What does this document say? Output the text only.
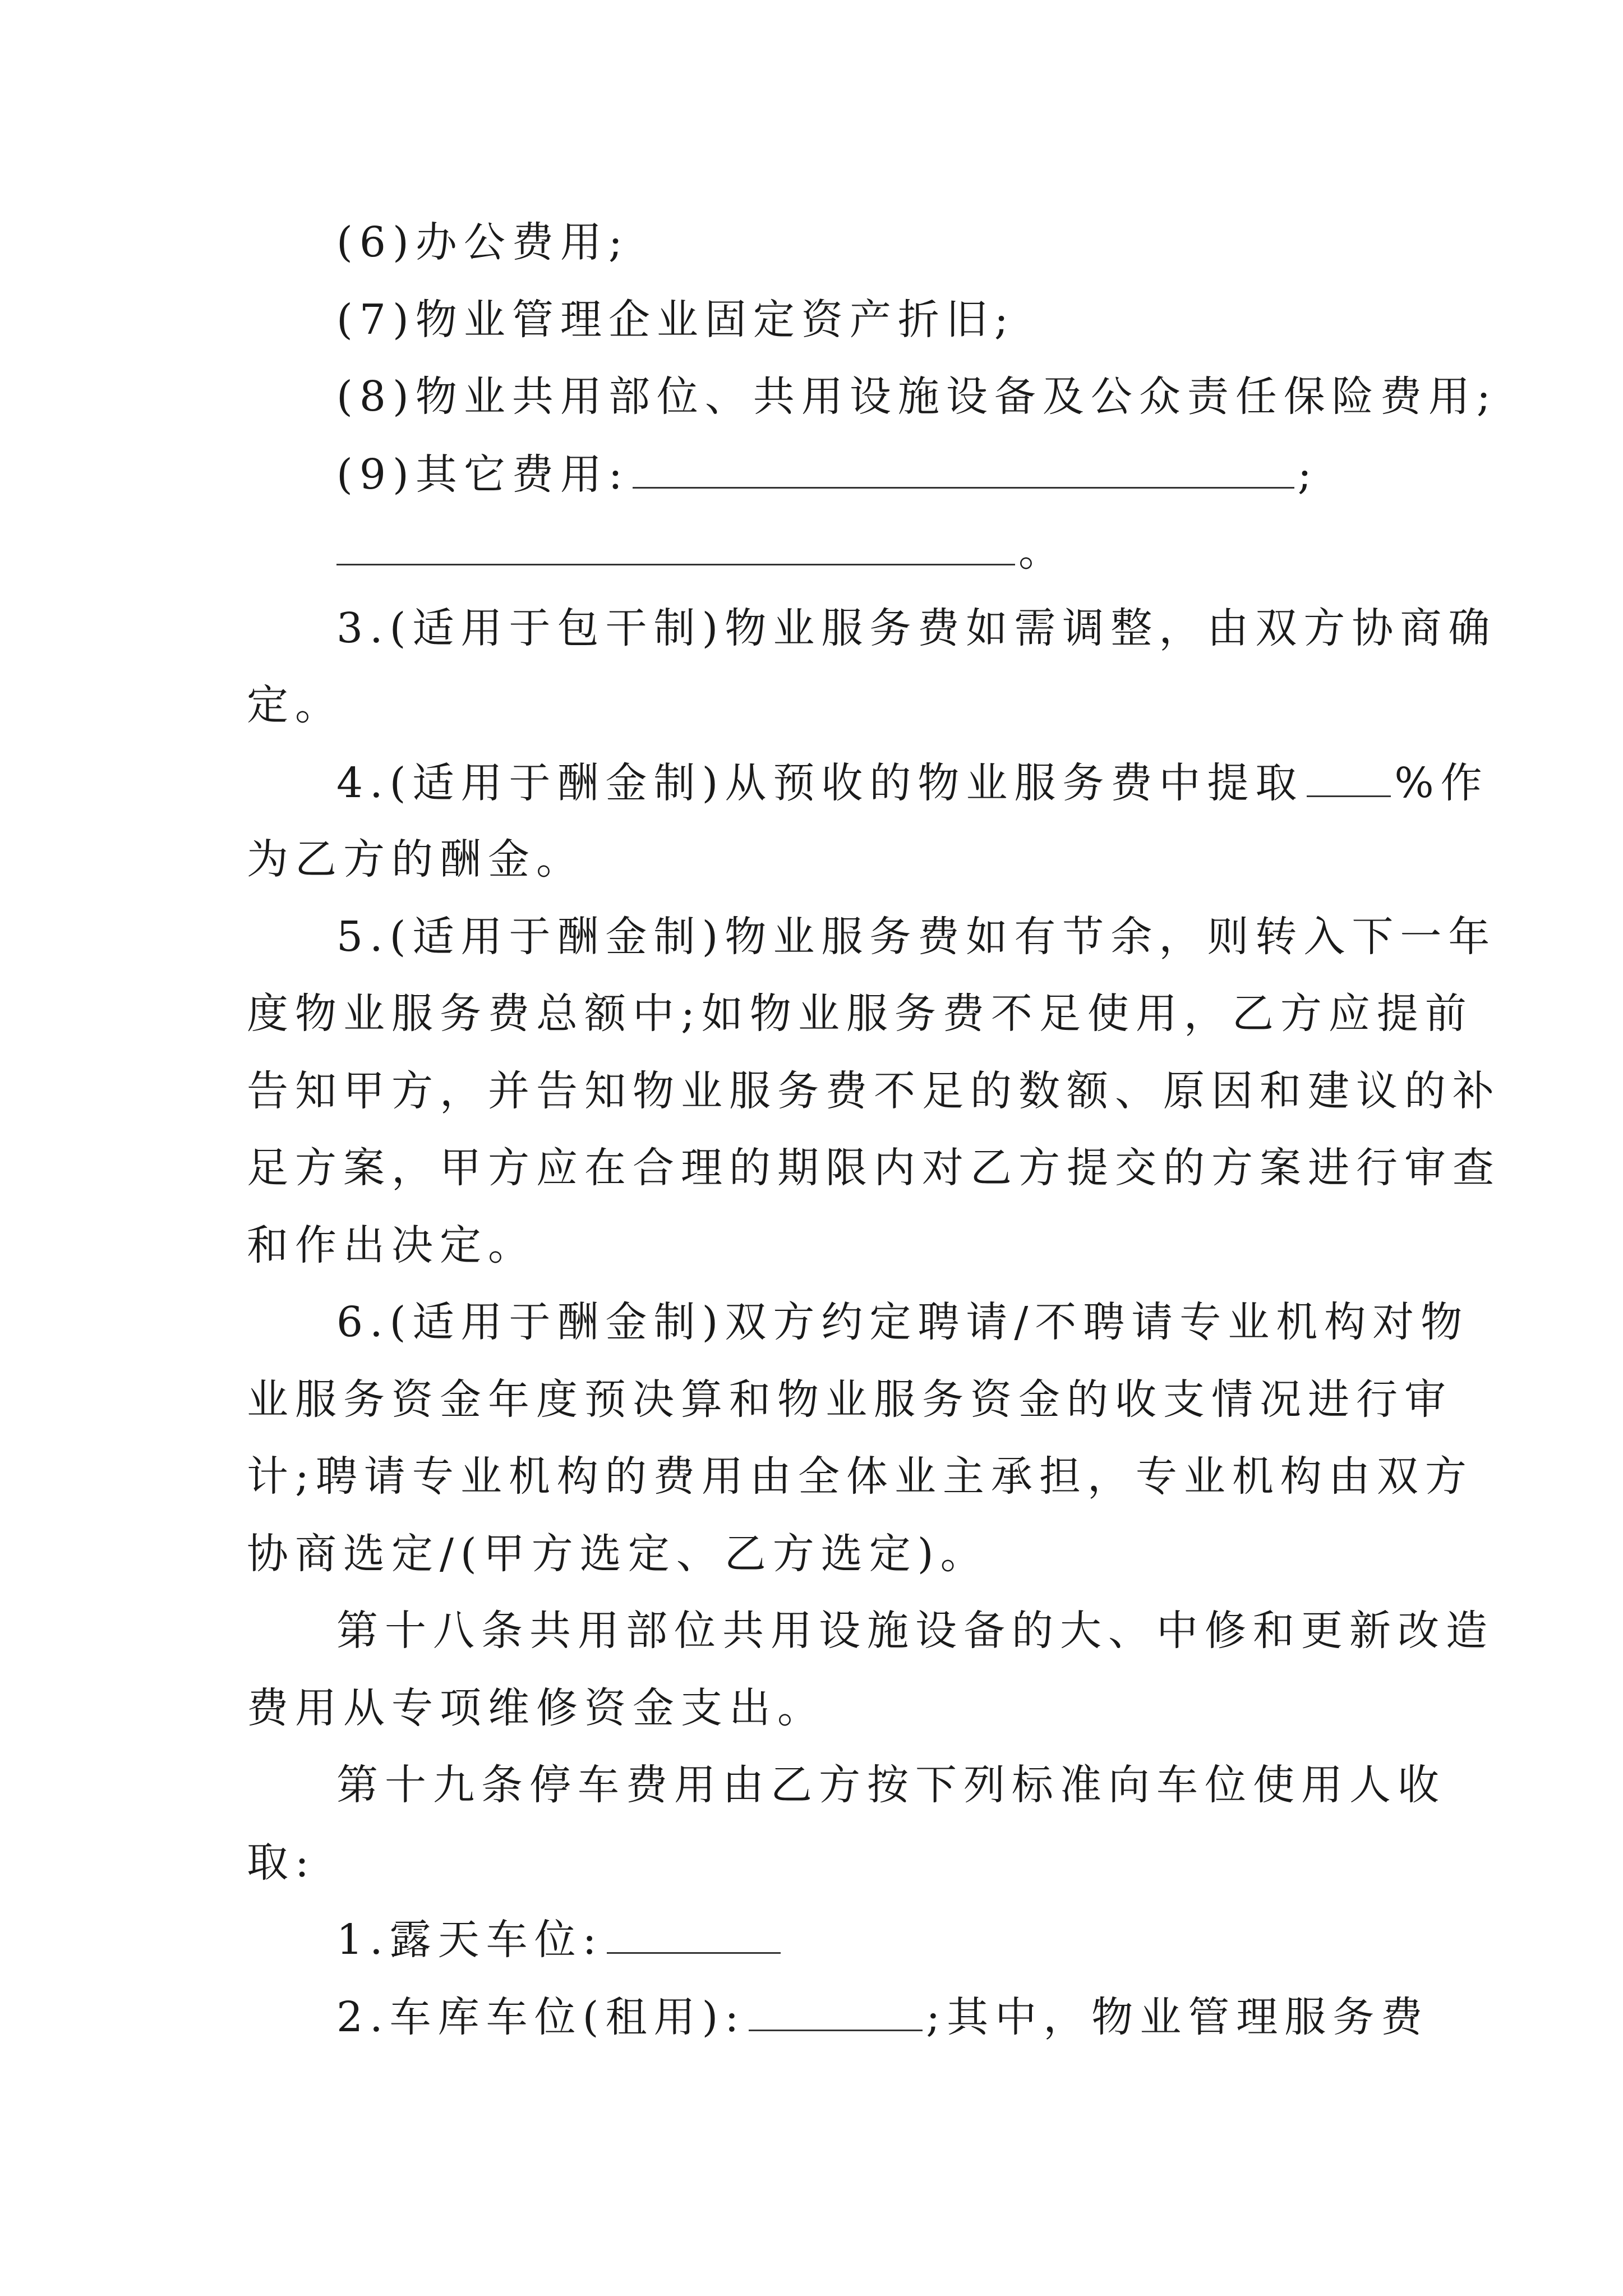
(6)办公费用;
(7)物业管理企业固定资产折旧;
(8)物业共用部位、共用设施设备及公众责任保险费用;
(9)其它费用:	;
。
3.(适用于包干制)物业服务费如需调整，由双方协商确
定。
4.(适用于酬金制)从预收的物业服务费中提取 %作
为乙方的酬金。
5.(适用于酬金制)物业服务费如有节余，则转入下一年
度物业服务费总额中;如物业服务费不足使用，乙方应提前
告知甲方，并告知物业服务费不足的数额、原因和建议的补
足方案，甲方应在合理的期限内对乙方提交的方案进行审查
和作出决定。
6.(适用于酬金制)双方约定聘请/不聘请专业机构对物
业服务资金年度预决算和物业服务资金的收支情况进行审
计;聘请专业机构的费用由全体业主承担，专业机构由双方
协商选定/(甲方选定、乙方选定)。
第十八条共用部位共用设施设备的大、中修和更新改造
费用从专项维修资金支出。
第十九条停车费用由乙方按下列标准向车位使用人收
取:
1.露天车位:
2.车库车位(租用):	;其中，物业管理服务费
